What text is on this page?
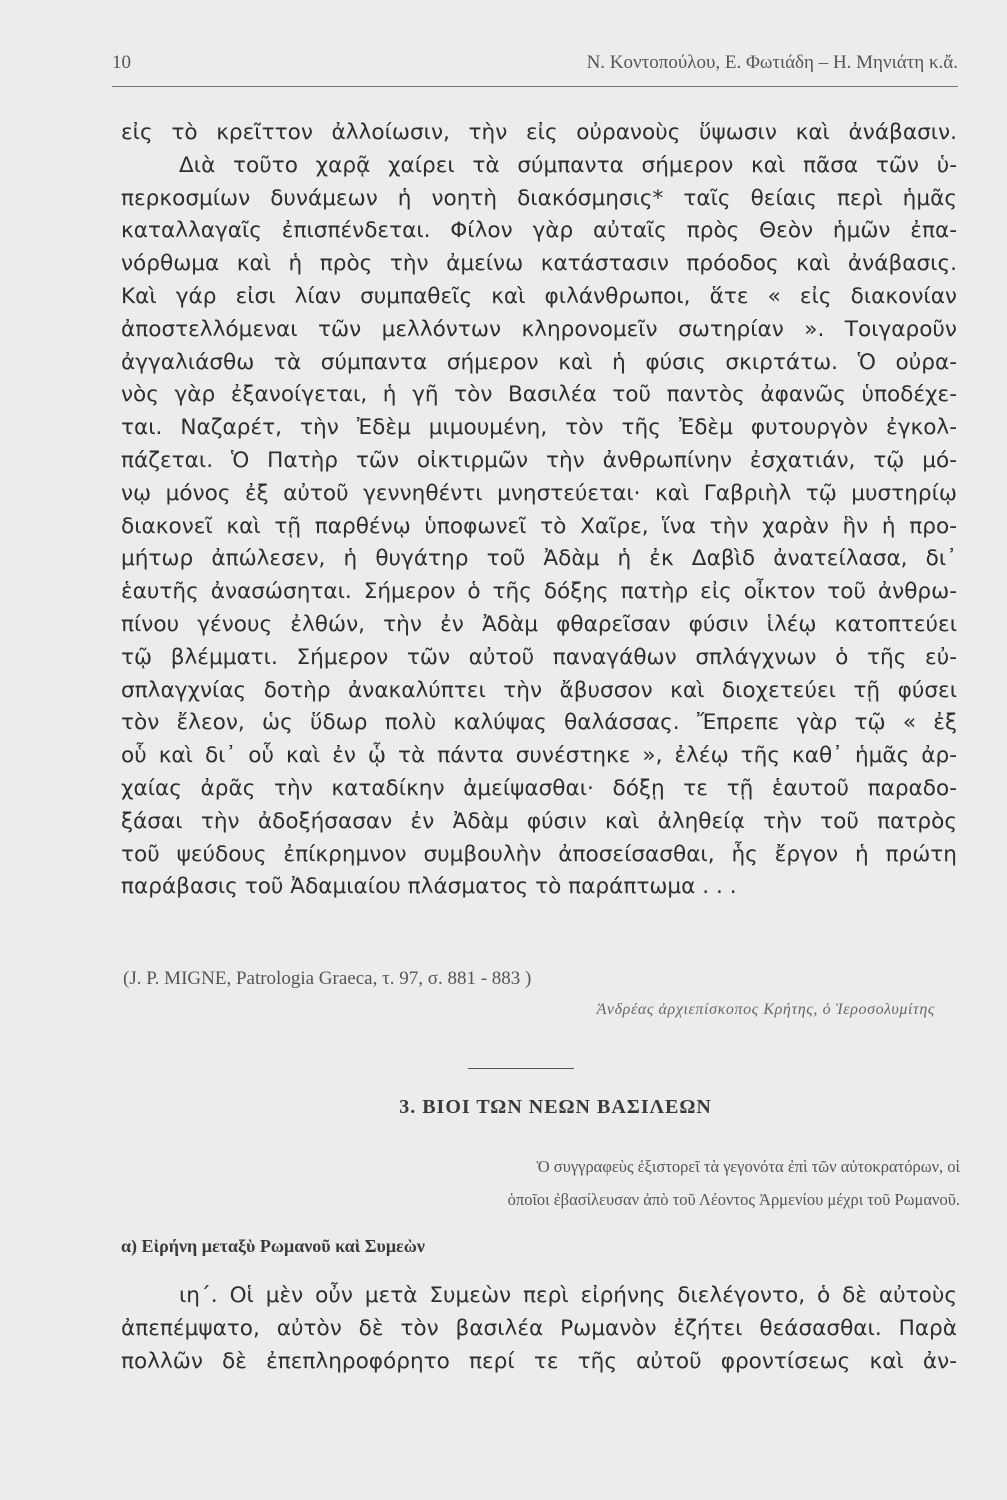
10	Ν. Κοντοπούλου, Ε. Φωτιάδη – Η. Μηνιάτη κ.ἄ.
εἰς τὸ κρεῖττον ἀλλοίωσιν, τὴν εἰς οὐρανοὺς ὕψωσιν καὶ ἀνάβασιν.
Διὰ τοῦτο χαρᾷ χαίρει τὰ σύμπαντα σήμερον καὶ πᾶσα τῶν ὑ-
περκοσμίων δυνάμεων ἡ νοητὴ διακόσμησις* ταῖς θείαις περὶ ἡμᾶς
καταλλαγαῖς ἐπισπένδεται. Φίλον γὰρ αὐταῖς πρὸς Θεὸν ἡμῶν ἐπα-
νόρθωμα καὶ ἡ πρὸς τὴν ἀμείνω κατάστασιν πρόοδος καὶ ἀνάβασις.
Καὶ γάρ εἰσι λίαν συμπαθεῖς καὶ φιλάνθρωποι, ἅτε « εἰς διακονίαν
ἀποστελλόμεναι τῶν μελλόντων κληρονομεῖν σωτηρίαν ». Τοιγαροῦν
ἀγγαλιάσθω τὰ σύμπαντα σήμερον καὶ ἡ φύσις σκιρτάτω. Ὁ οὐρα-
νὸς γὰρ ἐξανοίγεται, ἡ γῆ τὸν Βασιλέα τοῦ παντὸς ἀφανῶς ὑποδέχε-
ται. Ναζαρέτ, τὴν Ἐδὲμ μιμουμένη, τὸν τῆς Ἐδὲμ φυτουργὸν ἐγκολ-
πάζεται. Ὁ Πατὴρ τῶν οἰκτιρμῶν τὴν ἀνθρωπίνην ἐσχατιάν, τῷ μό-
νῳ μόνος ἐξ αὐτοῦ γεννηθέντι μνηστεύεται· καὶ Γαβριὴλ τῷ μυστηρίῳ
διακονεῖ καὶ τῇ παρθένῳ ὑποφωνεῖ τὸ Χαῖρε, ἵνα τὴν χαρὰν ἣν ἡ προ-
μήτωρ ἀπώλεσεν, ἡ θυγάτηρ τοῦ Ἀδὰμ ἡ ἐκ Δαβὶδ ἀνατείλασα, δι᾽
ἑαυτῆς ἀνασώσηται. Σήμερον ὁ τῆς δόξης πατὴρ εἰς οἶκτον τοῦ ἀνθρω-
πίνου γένους ἐλθών, τὴν ἐν Ἀδὰμ φθαρεῖσαν φύσιν ἱλέῳ κατοπτεύει
τῷ βλέμματι. Σήμερον τῶν αὐτοῦ παναγάθων σπλάγχνων ὁ τῆς εὐ-
σπλαγχνίας δοτὴρ ἀνακαλύπτει τὴν ἄβυσσον καὶ διοχετεύει τῇ φύσει
τὸν ἔλεον, ὡς ὕδωρ πολὺ καλύψας θαλάσσας. Ἔπρεπε γὰρ τῷ « ἐξ
οὗ καὶ δι᾽ οὗ καὶ ἐν ᾧ τὰ πάντα συνέστηκε », ἐλέῳ τῆς καθ᾽ ἡμᾶς ἀρ-
χαίας ἀρᾶς τὴν καταδίκην ἀμείψασθαι· δόξῃ τε τῇ ἑαυτοῦ παραδο-
ξάσαι τὴν ἀδοξήσασαν ἐν Ἀδὰμ φύσιν καὶ ἀληθείᾳ τὴν τοῦ πατρὸς
τοῦ ψεύδους ἐπίκρημνον συμβουλὴν ἀποσείσασθαι, ἧς ἔργον ἡ πρώτη
παράβασις τοῦ Ἀδαμιαίου πλάσματος τὸ παράπτωμα . . .
(J. P. MIGNE, Patrologia Graeca, τ. 97, σ. 881 - 883 )
Ἀνδρέας ἀρχιεπίσκοπος Κρήτης, ὁ Ἱεροσολυμίτης
3. ΒΙΟΙ ΤΩΝ ΝΕΩΝ ΒΑΣΙΛΕΩΝ
Ὁ συγγραφεὺς ἐξιστορεῖ τὰ γεγονότα ἐπὶ τῶν αὐτοκρατόρων, οἱ
ὁποῖοι ἐβασίλευσαν ἀπὸ τοῦ Λέοντος Ἀρμενίου μέχρι τοῦ Ρωμανοῦ.
α) Εἰρήνη μεταξὺ Ρωμανοῦ καὶ Συμεὼν
ιη΄. Οἱ μὲν οὖν μετὰ Συμεὼν περὶ εἰρήνης διελέγοντο, ὁ δὲ αὐτοὺς
ἀπεπέμψατο, αὐτὸν δὲ τὸν βασιλέα Ρωμανὸν ἐζήτει θεάσασθαι. Παρὰ
πολλῶν δὲ ἐπεπληροφόρητο περί τε τῆς αὐτοῦ φροντίσεως καὶ ἀν-
